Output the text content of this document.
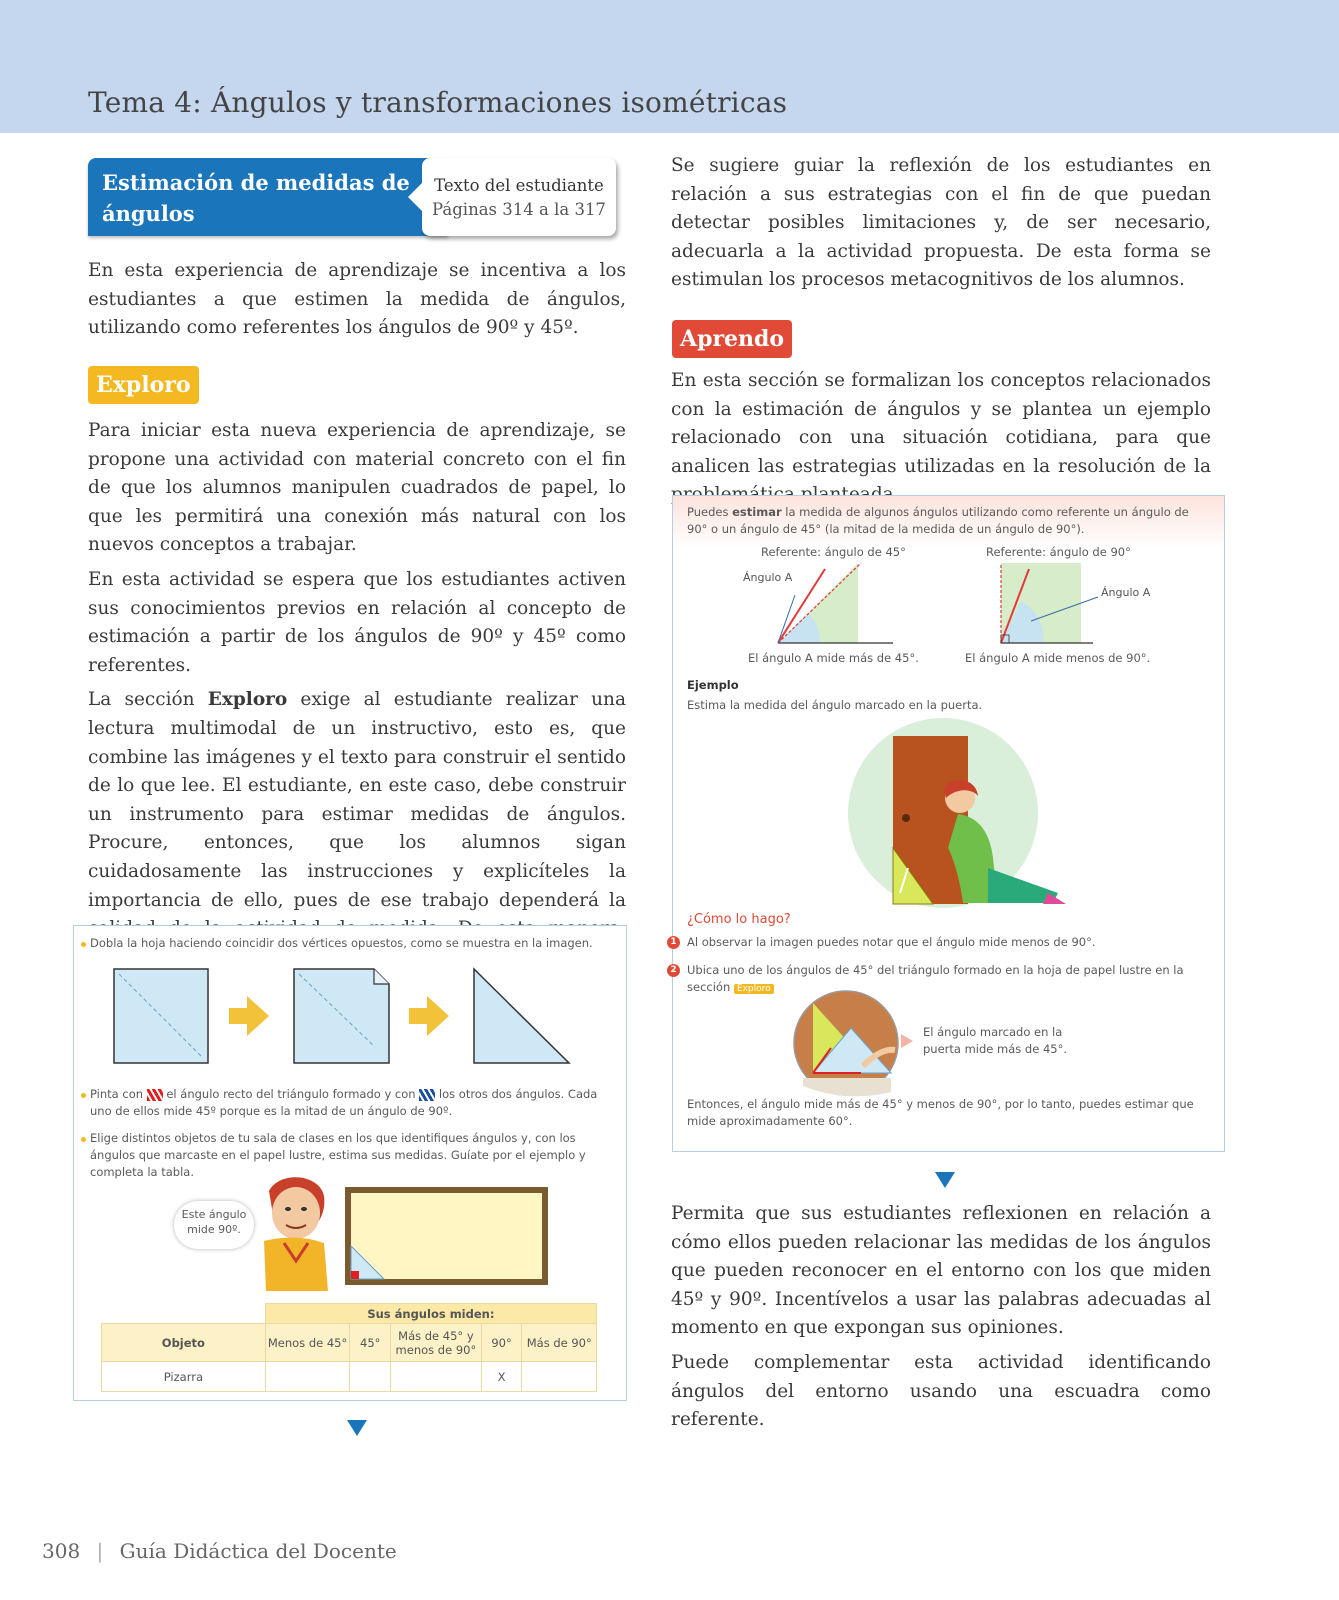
Tema 4: Ángulos y transformaciones isométricas
Estimación de medidas de ángulos
Texto del estudiante
Páginas 314 a la 317

En esta experiencia de aprendizaje se incentiva a los estudiantes a que estimen la medida de ángulos, utilizando como referentes los ángulos de 90º y 45º.

Exploro

Para iniciar esta nueva experiencia de aprendizaje, se propone una actividad con material concreto con el fin de que los alumnos manipulen cuadrados de papel, lo que les permitirá una conexión más natural con los nuevos conceptos a trabajar.

En esta actividad se espera que los estudiantes activen sus conocimientos previos en relación al concepto de estimación a partir de los ángulos de 90º y 45º como referentes.

La sección Exploro exige al estudiante realizar una lectura multimodal de un instructivo, esto es, que combine las imágenes y el texto para construir el sentido de lo que lee. El estudiante, en este caso, debe construir un instrumento para estimar medidas de ángulos. Procure, entonces, que los alumnos sigan cuidadosamente las instrucciones y explicíteles la importancia de ello, pues de ese trabajo dependerá la

Dobla la hoja haciendo coincidir dos vértices opuestos, como se muestra en la imagen.
Pinta con el ángulo recto del triángulo formado y con los otros dos ángulos. Cada uno de ellos mide 45º porque es la mitad de un ángulo de 90º.
Elige distintos objetos de tu sala de clases en los que identifiques ángulos y, con los ángulos que marcaste en el papel lustre, estima sus medidas. Guíate por el ejemplo y completa la tabla.
Este ángulo mide 90º.
	Sus ángulos miden:				
Objeto	Menos de 45°	45°	Más de 45° y menos de 90°	90°	Más de 90°
Pizarra				X	

Se sugiere guiar la reflexión de los estudiantes en relación a sus estrategias con el fin de que puedan detectar posibles limitaciones y, de ser necesario, adecuarla a la actividad propuesta. De esta forma se estimulan los procesos metacognitivos de los alumnos.

Aprendo

En esta sección se formalizan los conceptos relacionados con la estimación de ángulos y se plantea un ejemplo relacionado con una situación cotidiana, para que analicen las estrategias utilizadas en la resolución de la

Puedes estimar la medida de algunos ángulos utilizando como referente un ángulo de 90° o un ángulo de 45° (la mitad de la medida de un ángulo de 90°).
Referente: ángulo de 45°	Referente: ángulo de 90°
Ángulo A
Ángulo A
El ángulo A mide más de 45°.	El ángulo A mide menos de 90°.
Ejemplo
Estima la medida del ángulo marcado en la puerta.
¿Cómo lo hago?
1 Al observar la imagen puedes notar que el ángulo mide menos de 90°.
2 Ubica uno de los ángulos de 45° del triángulo formado en la hoja de papel lustre en la sección Exploro
El ángulo marcado en la puerta mide más de 45°.
Entonces, el ángulo mide más de 45° y menos de 90°, por lo tanto, puedes estimar que mide aproximadamente 60°.

Permita que sus estudiantes reflexionen en relación a cómo ellos pueden relacionar las medidas de los ángulos que pueden reconocer en el entorno con los que miden 45º y 90º. Incentívelos a usar las palabras adecuadas al momento en que expongan sus opiniones.

Puede complementar esta actividad identificando ángulos del entorno usando una escuadra como referente.

308 | Guía Didáctica del Docente
